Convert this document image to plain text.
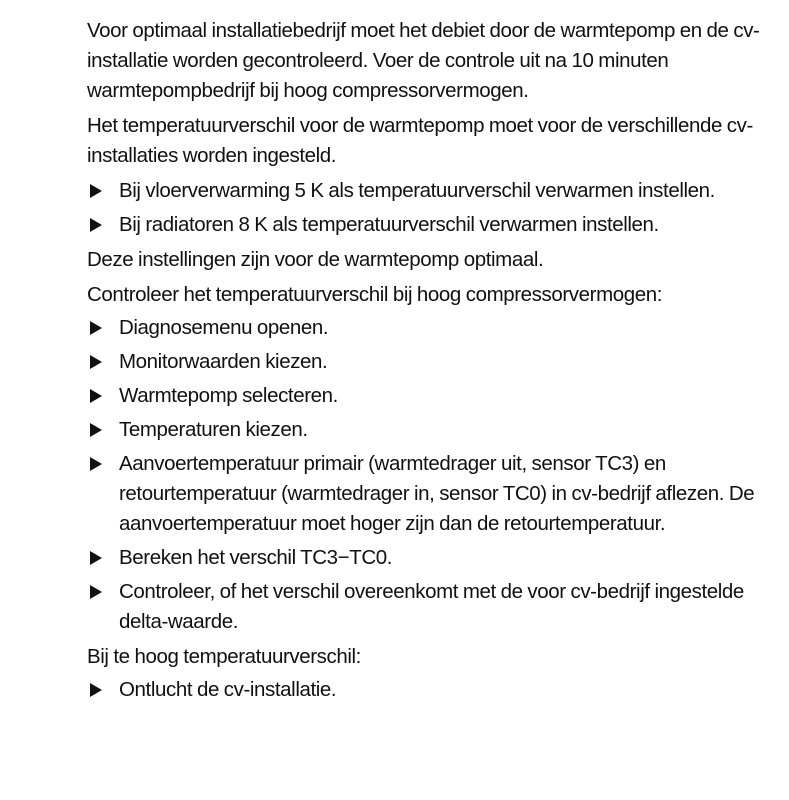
Voor optimaal installatiebedrijf moet het debiet door de warmtepomp en de cv-installatie worden gecontroleerd. Voer de controle uit na 10 minuten warmtepompbedrijf bij hoog compressorvermogen.

Het temperatuurverschil voor de warmtepomp moet voor de verschillende cv-installaties worden ingesteld.

Bij vloerverwarming 5 K als temperatuurverschil verwarmen instellen.
Bij radiatoren 8 K als temperatuurverschil verwarmen instellen.

Deze instellingen zijn voor de warmtepomp optimaal.

Controleer het temperatuurverschil bij hoog compressorvermogen:

Diagnosemenu openen.
Monitorwaarden kiezen.
Warmtepomp selecteren.
Temperaturen kiezen.
Aanvoertemperatuur primair (warmtedrager uit, sensor TC3) en retourtemperatuur (warmtedrager in, sensor TC0) in cv-bedrijf aflezen. De aanvoertemperatuur moet hoger zijn dan de retourtemperatuur.
Bereken het verschil TC3−TC0.
Controleer, of het verschil overeenkomt met de voor cv-bedrijf ingestelde delta-waarde.

Bij te hoog temperatuurverschil:

Ontlucht de cv-installatie.
